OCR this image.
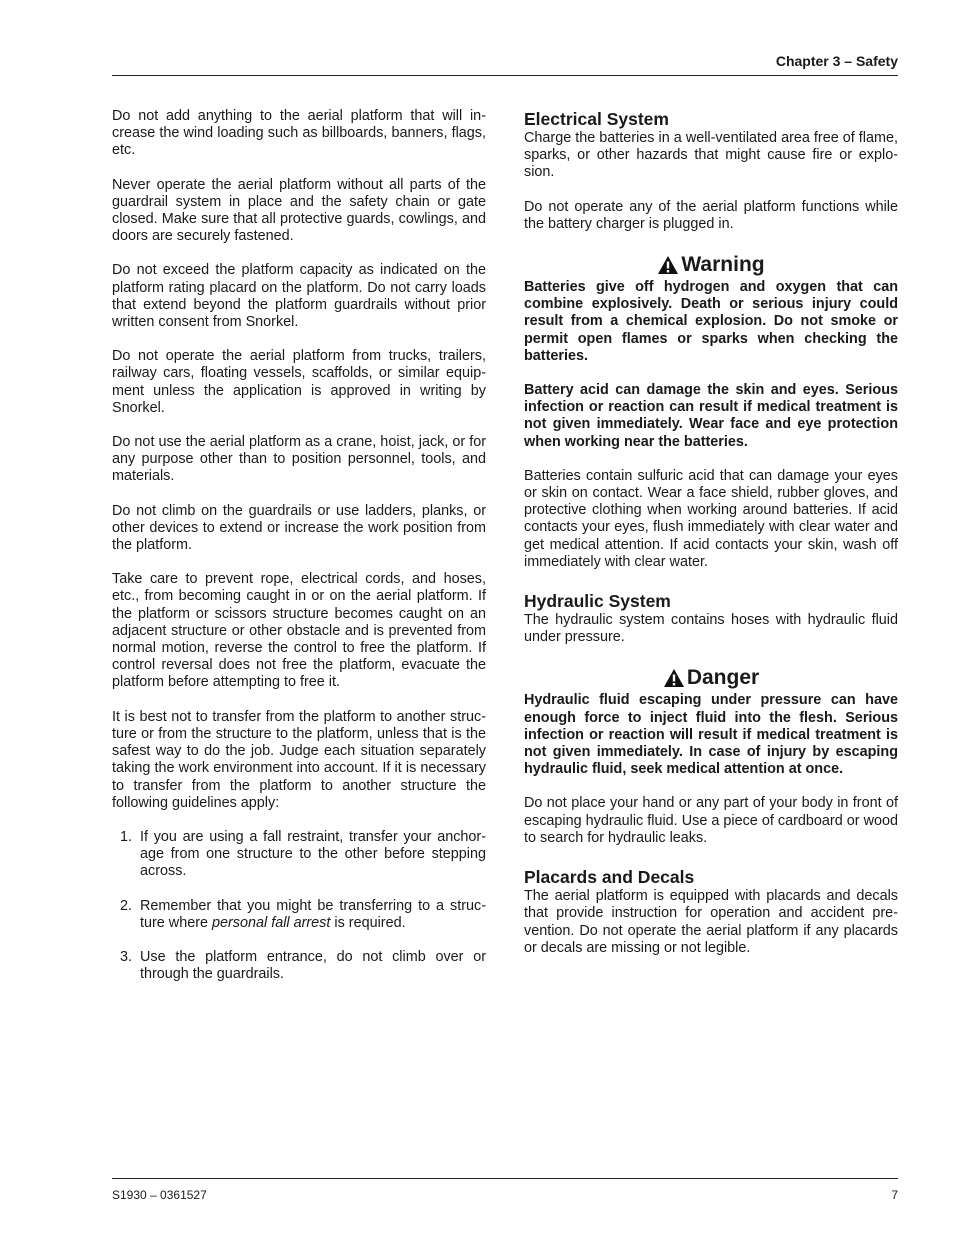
Chapter 3 – Safety

Do not add anything to the aerial platform that will increase the wind loading such as billboards, banners, flags, etc.

Never operate the aerial platform without all parts of the guardrail system in place and the safety chain or gate closed. Make sure that all protective guards, cowlings, and doors are securely fastened.

Do not exceed the platform capacity as indicated on the platform rating placard on the platform. Do not carry loads that extend beyond the platform guardrails without prior written consent from Snorkel.

Do not operate the aerial platform from trucks, trailers, railway cars, floating vessels, scaffolds, or similar equipment unless the application is approved in writing by Snorkel.

Do not use the aerial platform as a crane, hoist, jack, or for any purpose other than to position personnel, tools, and materials.

Do not climb on the guardrails or use ladders, planks, or other devices to extend or increase the work position from the platform.

Take care to prevent rope, electrical cords, and hoses, etc., from becoming caught in or on the aerial platform. If the platform or scissors structure becomes caught on an adjacent structure or other obstacle and is prevented from normal motion, reverse the control to free the platform. If control reversal does not free the platform, evacuate the platform before attempting to free it.

It is best not to transfer from the platform to another structure or from the structure to the platform, unless that is the safest way to do the job. Judge each situation separately taking the work environment into account. If it is necessary to transfer from the platform to another structure the following guidelines apply:

1. If you are using a fall restraint, transfer your anchorage from one structure to the other before stepping across.
2. Remember that you might be transferring to a structure where personal fall arrest is required.
3. Use the platform entrance, do not climb over or through the guardrails.
Electrical System

Charge the batteries in a well-ventilated area free of flame, sparks, or other hazards that might cause fire or explosion.

Do not operate any of the aerial platform functions while the battery charger is plugged in.

Warning

Batteries give off hydrogen and oxygen that can combine explosively. Death or serious injury could result from a chemical explosion. Do not smoke or permit open flames or sparks when checking the batteries.

Battery acid can damage the skin and eyes. Serious infection or reaction can result if medical treatment is not given immediately. Wear face and eye protection when working near the batteries.

Batteries contain sulfuric acid that can damage your eyes or skin on contact. Wear a face shield, rubber gloves, and protective clothing when working around batteries. If acid contacts your eyes, flush immediately with clear water and get medical attention. If acid contacts your skin, wash off immediately with clear water.

Hydraulic System

The hydraulic system contains hoses with hydraulic fluid under pressure.

Danger

Hydraulic fluid escaping under pressure can have enough force to inject fluid into the flesh. Serious infection or reaction will result if medical treatment is not given immediately. In case of injury by escaping hydraulic fluid, seek medical attention at once.

Do not place your hand or any part of your body in front of escaping hydraulic fluid. Use a piece of cardboard or wood to search for hydraulic leaks.

Placards and Decals

The aerial platform is equipped with placards and decals that provide instruction for operation and accident prevention. Do not operate the aerial platform if any placards or decals are missing or not legible.

S1930 – 0361527	7
